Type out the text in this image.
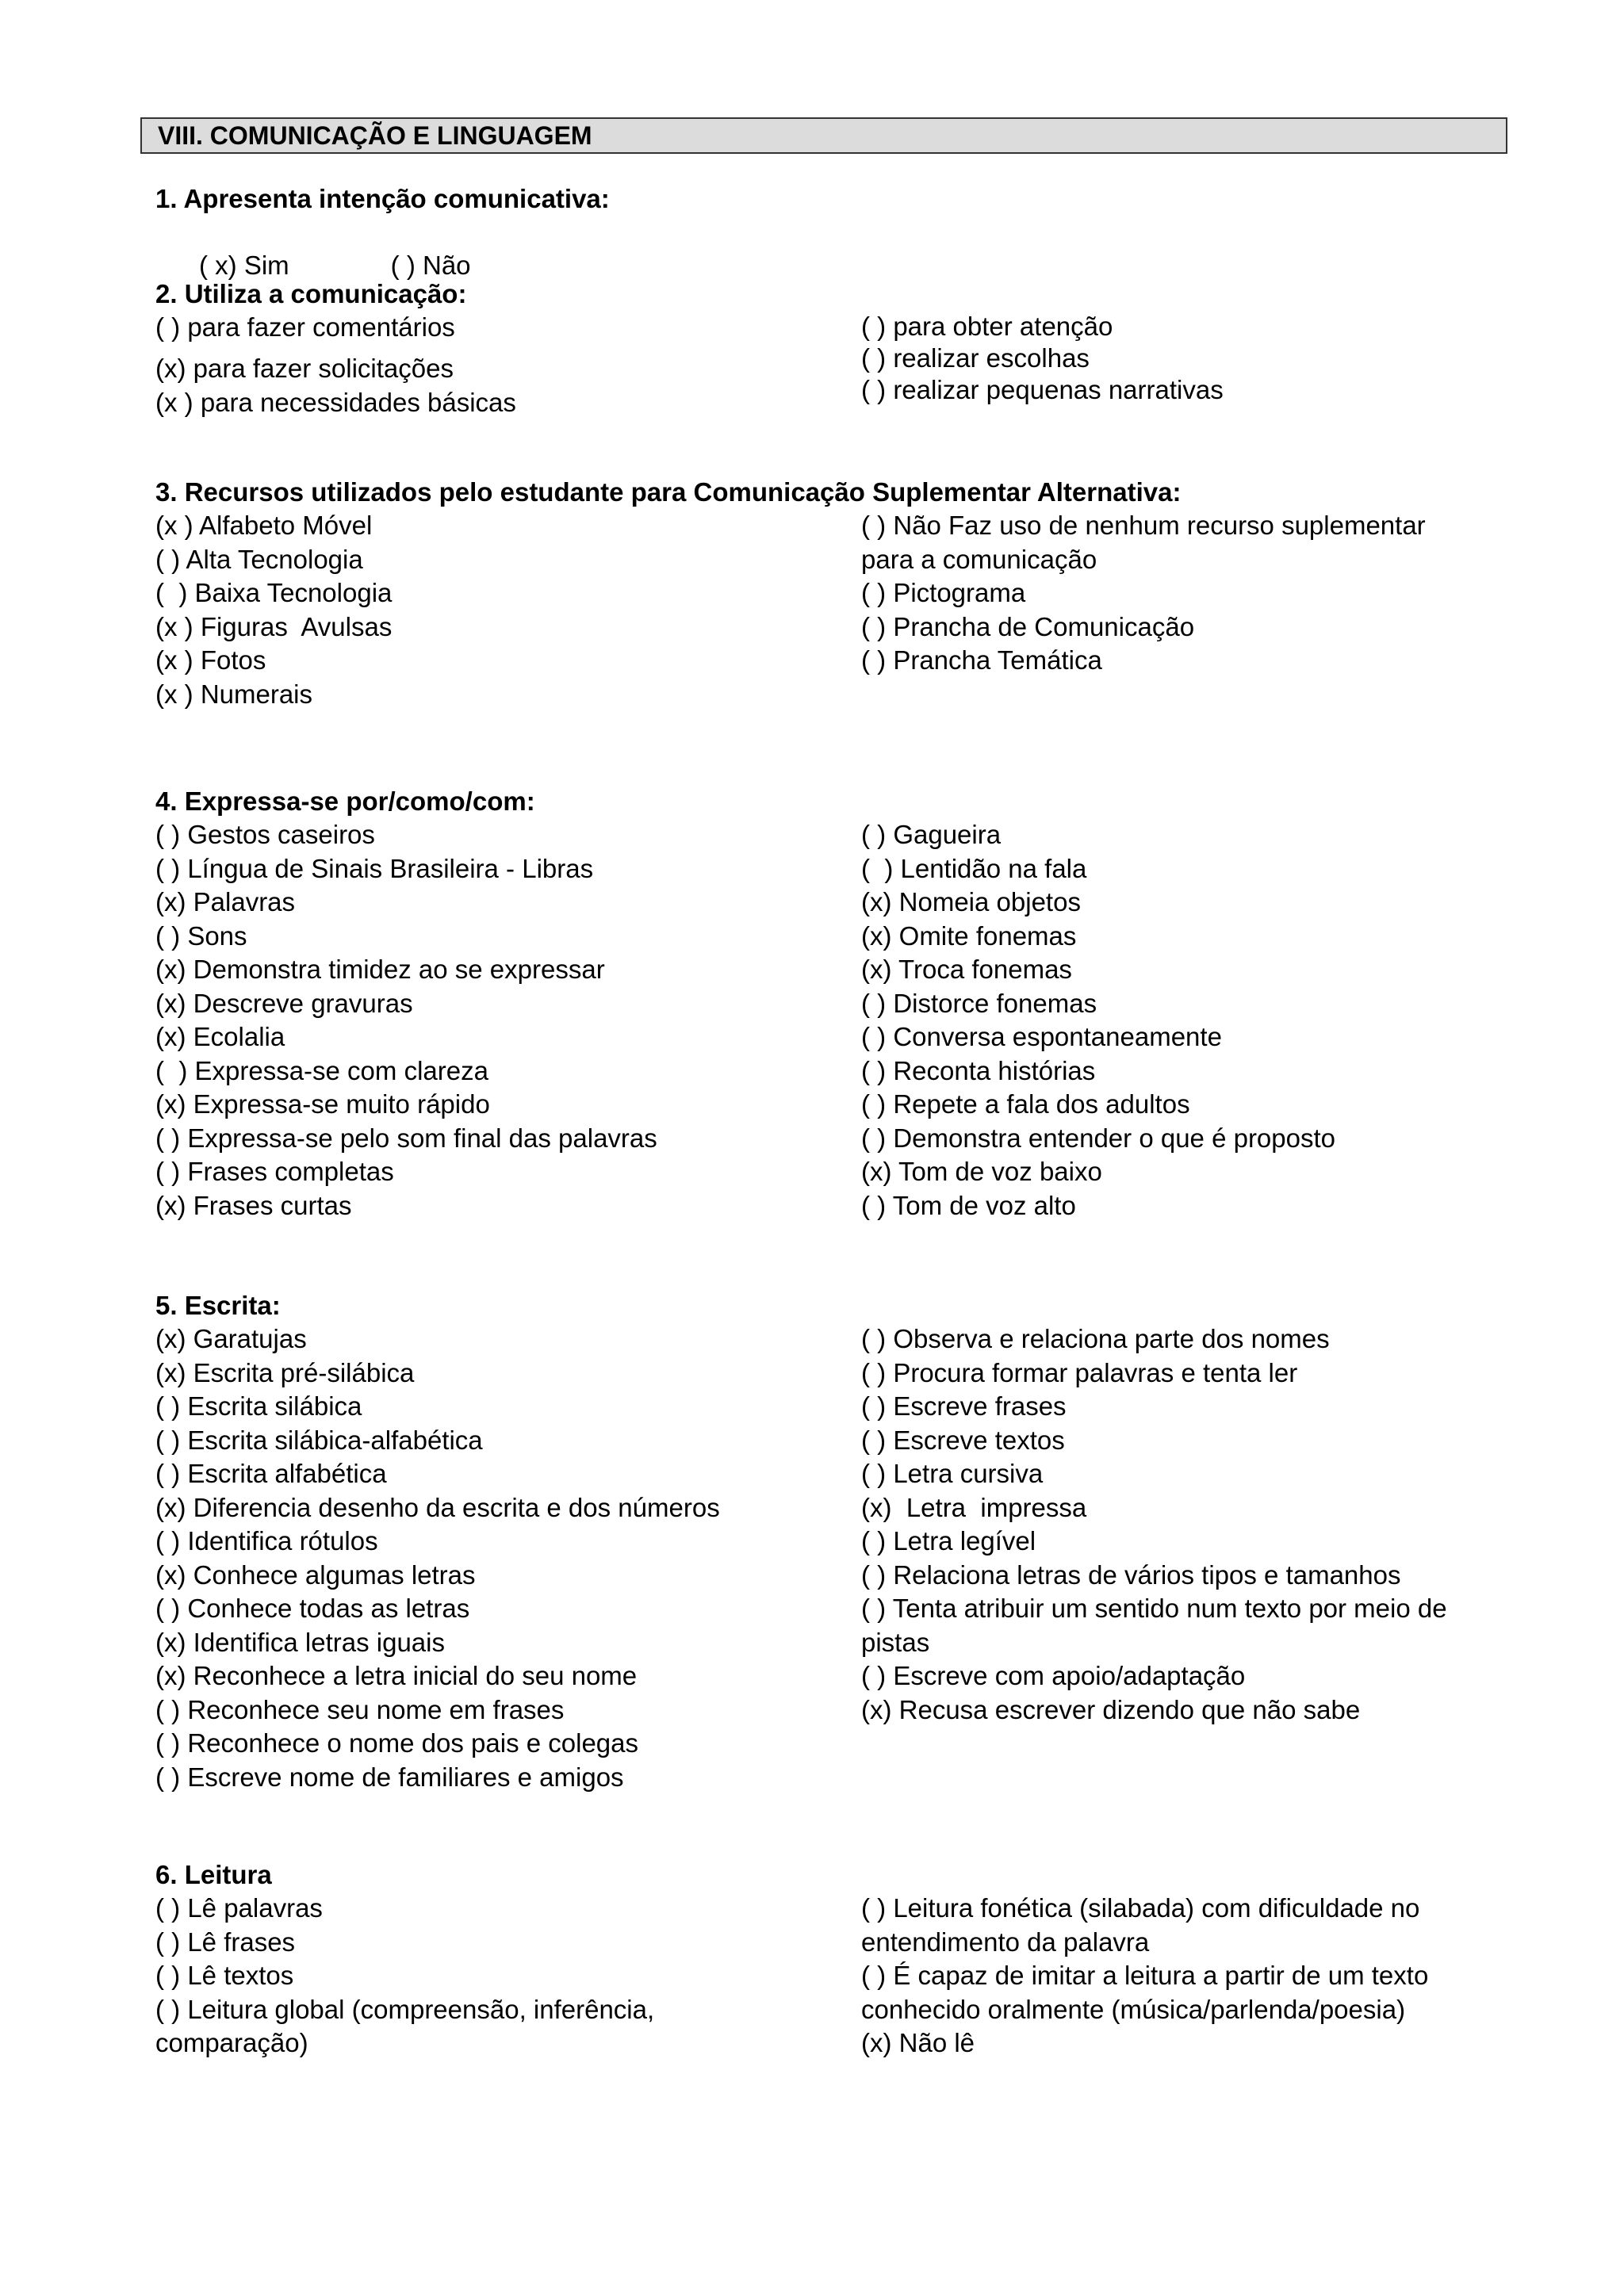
VIII. COMUNICAÇÃO E LINGUAGEM
1. Apresenta intenção comunicativa:

( x) Sim	( ) Não

2. Utiliza a comunicação:
( ) para fazer comentários
(x) para fazer solicitações
(x ) para necessidades básicas
( ) para obter atenção
( ) realizar escolhas
( ) realizar pequenas narrativas
3. Recursos utilizados pelo estudante para Comunicação Suplementar Alternativa:
(x ) Alfabeto Móvel
( ) Alta Tecnologia
(  ) Baixa Tecnologia
(x ) Figuras  Avulsas
(x ) Fotos
(x ) Numerais
( ) Não Faz uso de nenhum recurso suplementar para a comunicação
( ) Pictograma
( ) Prancha de Comunicação
( ) Prancha Temática
4. Expressa-se por/como/com:
( ) Gestos caseiros
( ) Língua de Sinais Brasileira - Libras
(x) Palavras
( ) Sons
(x) Demonstra timidez ao se expressar
(x) Descreve gravuras
(x) Ecolalia
(  ) Expressa-se com clareza
(x) Expressa-se muito rápido
( ) Expressa-se pelo som final das palavras
( ) Frases completas
(x) Frases curtas
( ) Gagueira
(  ) Lentidão na fala
(x) Nomeia objetos
(x) Omite fonemas
(x) Troca fonemas
( ) Distorce fonemas
( ) Conversa espontaneamente
( ) Reconta histórias
( ) Repete a fala dos adultos
( ) Demonstra entender o que é proposto
(x) Tom de voz baixo
( ) Tom de voz alto
5. Escrita:
(x) Garatujas
(x) Escrita pré-silábica
( ) Escrita silábica
( ) Escrita silábica-alfabética
( ) Escrita alfabética
(x) Diferencia desenho da escrita e dos números
( ) Identifica rótulos
(x) Conhece algumas letras
( ) Conhece todas as letras
(x) Identifica letras iguais
(x) Reconhece a letra inicial do seu nome
( ) Reconhece seu nome em frases
( ) Reconhece o nome dos pais e colegas
( ) Escreve nome de familiares e amigos
( ) Observa e relaciona parte dos nomes
( ) Procura formar palavras e tenta ler
( ) Escreve frases
( ) Escreve textos
( ) Letra cursiva
(x)  Letra  impressa
( ) Letra legível
( ) Relaciona letras de vários tipos e tamanhos
( ) Tenta atribuir um sentido num texto por meio de pistas
( ) Escreve com apoio/adaptação
(x) Recusa escrever dizendo que não sabe
6. Leitura
( ) Lê palavras
( ) Lê frases
( ) Lê textos
( ) Leitura global (compreensão, inferência, comparação)
( ) Leitura fonética (silabada) com dificuldade no entendimento da palavra
( ) É capaz de imitar a leitura a partir de um texto conhecido oralmente (música/parlenda/poesia)
(x) Não lê
